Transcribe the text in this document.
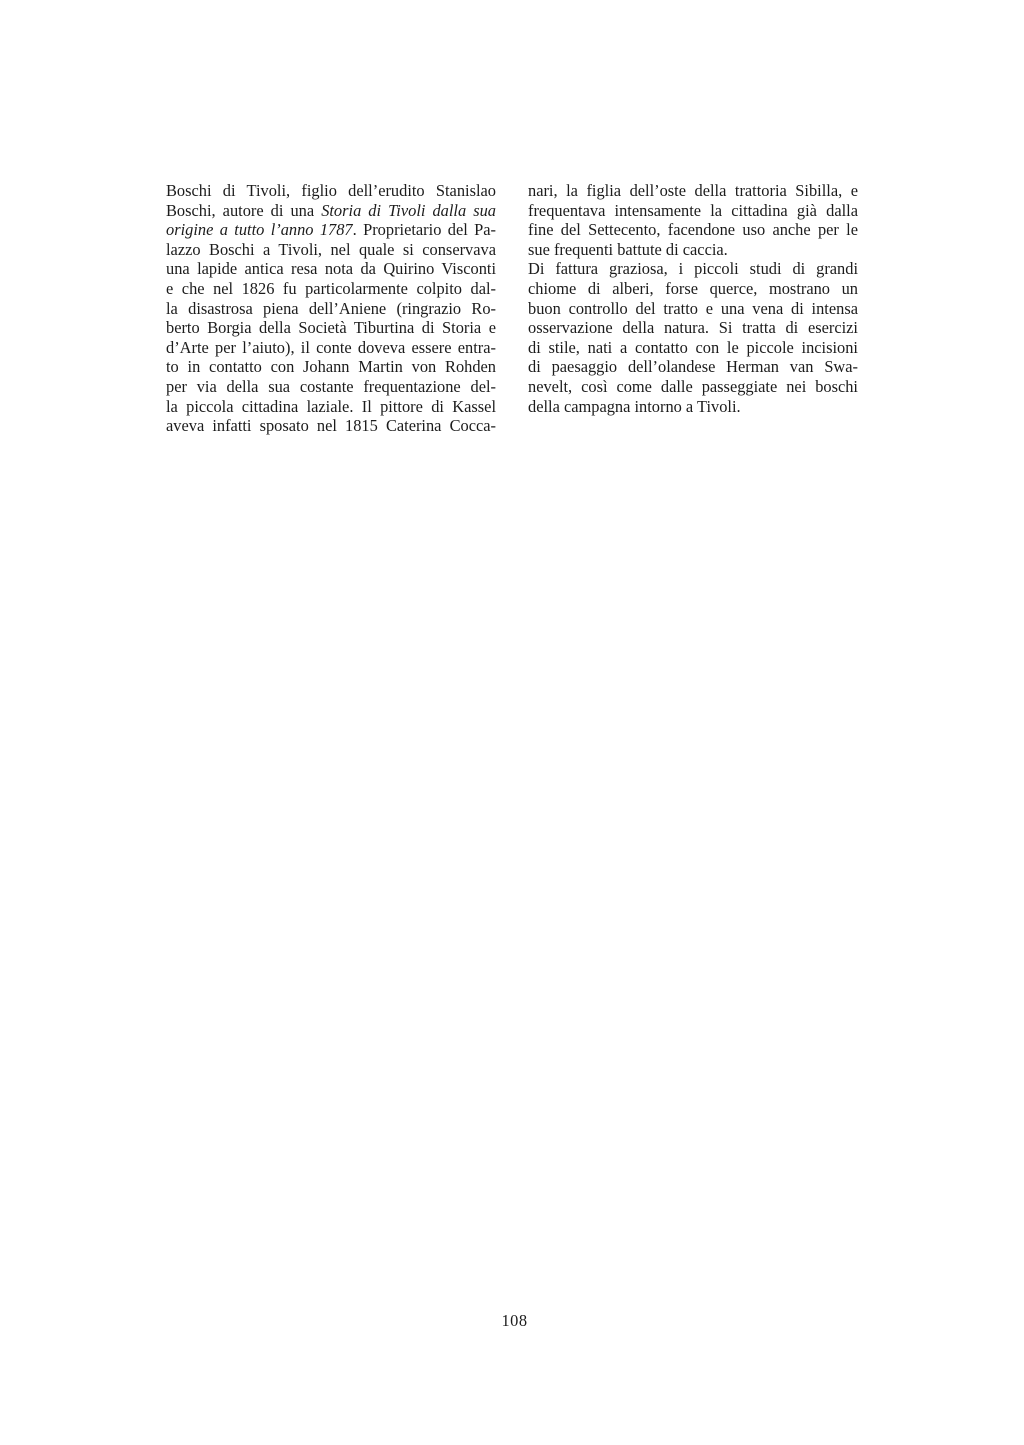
Boschi di Tivoli, figlio dell’erudito Stanislao
Boschi, autore di una Storia di Tivoli dalla sua
origine a tutto l’anno 1787. Proprietario del Pa-
lazzo Boschi a Tivoli, nel quale si conservava
una lapide antica resa nota da Quirino Visconti
e che nel 1826 fu particolarmente colpito dal-
la disastrosa piena dell’Aniene (ringrazio Ro-
berto Borgia della Società Tiburtina di Storia e
d’Arte per l’aiuto), il conte doveva essere entra-
to in contatto con Johann Martin von Rohden
per via della sua costante frequentazione del-
la piccola cittadina laziale. Il pittore di Kassel
aveva infatti sposato nel 1815 Caterina Cocca-
nari, la figlia dell’oste della trattoria Sibilla, e
frequentava intensamente la cittadina già dalla
fine del Settecento, facendone uso anche per le
sue frequenti battute di caccia.
Di fattura graziosa, i piccoli studi di grandi
chiome di alberi, forse querce, mostrano un
buon controllo del tratto e una vena di intensa
osservazione della natura. Si tratta di esercizi
di stile, nati a contatto con le piccole incisioni
di paesaggio dell’olandese Herman van Swa-
nevelt, così come dalle passeggiate nei boschi
della campagna intorno a Tivoli.
108
